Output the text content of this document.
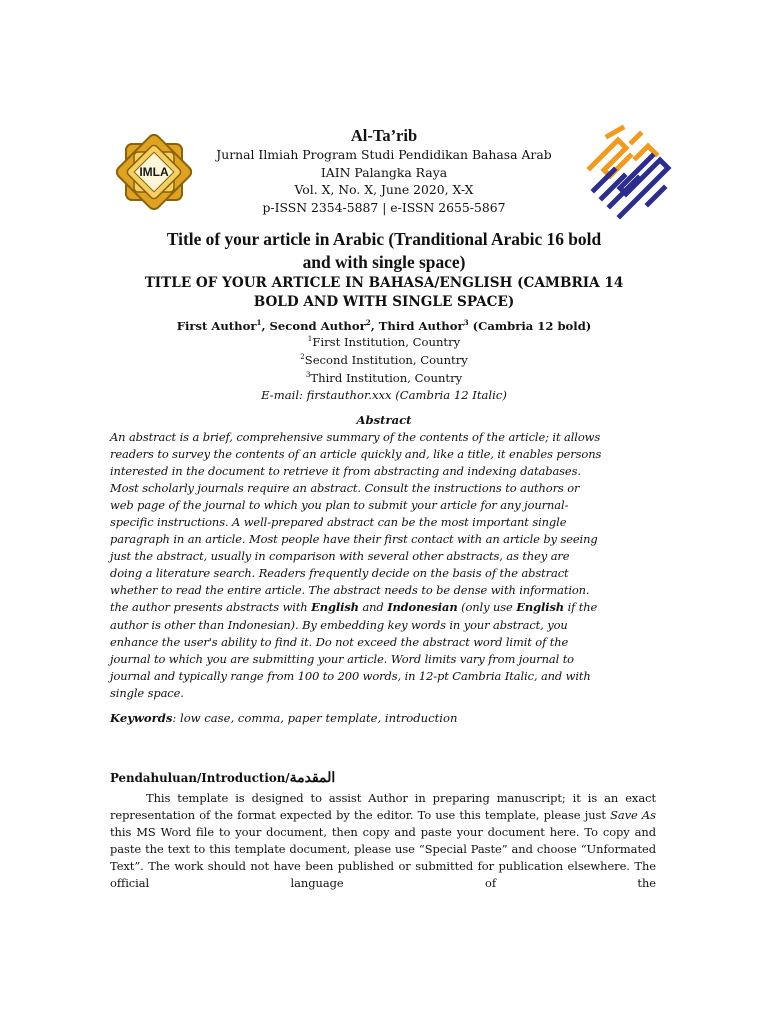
IMLA
Al-Ta’rib
Jurnal Ilmiah Program Studi Pendidikan Bahasa Arab
IAIN Palangka Raya
Vol. X, No. X, June 2020, X-X
p-ISSN 2354-5887 | e-ISSN 2655-5867
Title of your article in Arabic (Tranditional Arabic 16 bold
and with single space)
TITLE OF YOUR ARTICLE IN BAHASA/ENGLISH (CAMBRIA 14
BOLD AND WITH SINGLE SPACE)
First Author$^1$, Second Author$^2$, Third Author$^3$ (Cambria 12 bold)
$^1$First Institution, Country
$^2$Second Institution, Country
$^3$Third Institution, Country
E-mail: firstauthor.xxx (Cambria 12 Italic)
Abstract
An abstract is a brief, comprehensive summary of the contents of the article; it allows
readers to survey the contents of an article quickly and, like a title, it enables persons
interested in the document to retrieve it from abstracting and indexing databases.
Most scholarly journals require an abstract. Consult the instructions to authors or
web page of the journal to which you plan to submit your article for any journal-
specific instructions. A well-prepared abstract can be the most important single
paragraph in an article. Most people have their first contact with an article by seeing
just the abstract, usually in comparison with several other abstracts, as they are
doing a literature search. Readers frequently decide on the basis of the abstract
whether to read the entire article. The abstract needs to be dense with information.
the author presents abstracts with English and Indonesian (only use English if the
author is other than Indonesian). By embedding key words in your abstract, you
enhance the user's ability to find it. Do not exceed the abstract word limit of the
journal to which you are submitting your article. Word limits vary from journal to
journal and typically range from 100 to 200 words, in 12-pt Cambria Italic, and with
single space.
Keywords: low case, comma, paper template, introduction
Pendahuluan/Introduction/المقدمة
This template is designed to assist Author in preparing manuscript; it is an exact representation of the format expected by the editor. To use this template, please just Save As this MS Word file to your document, then copy and paste your document here. To copy and paste the text to this template document, please use “Special Paste” and choose “Unformated Text”. The work should not have been published or submitted for publication elsewhere. The official language of the
